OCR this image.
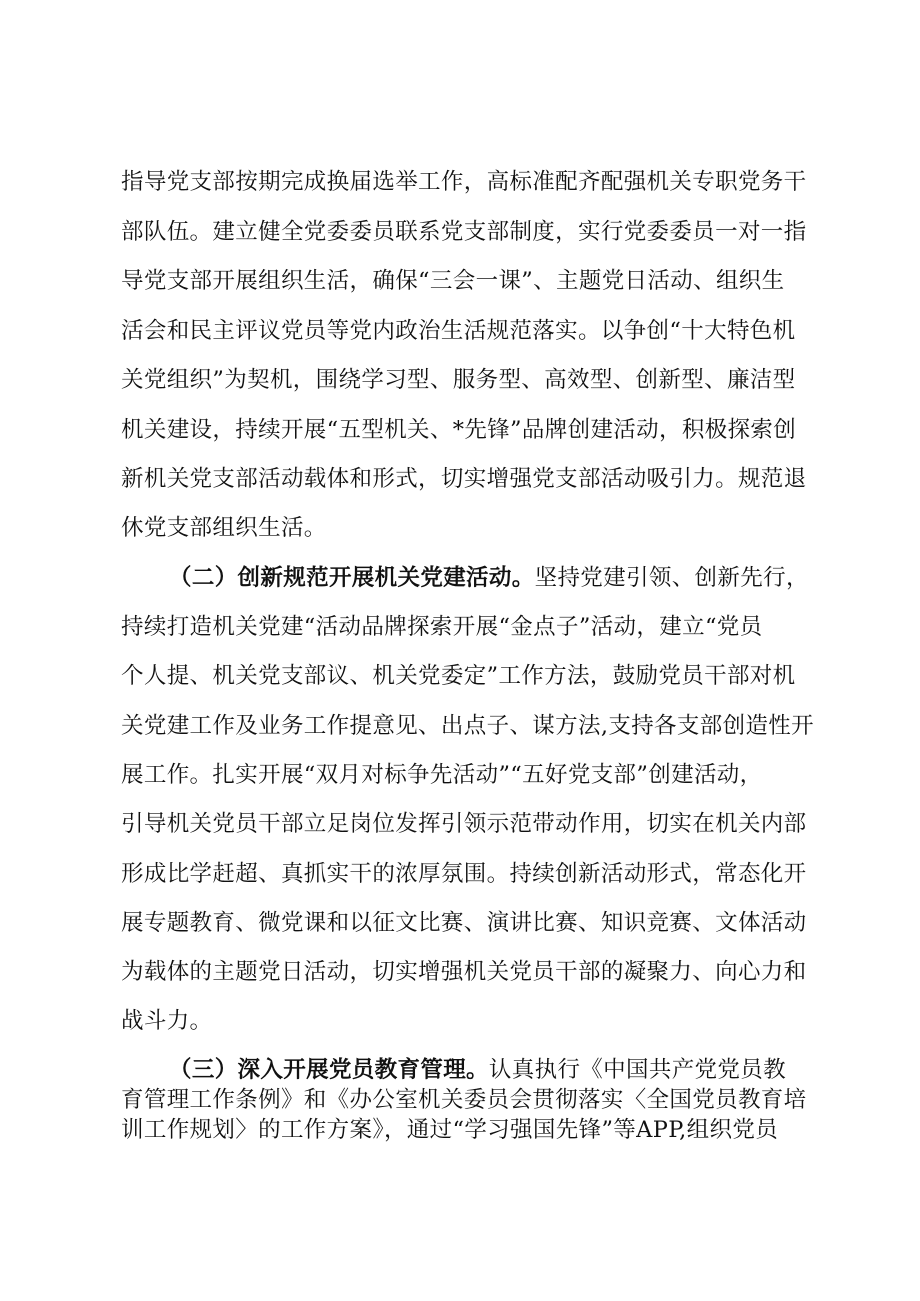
指导党支部按期完成换届选举工作，高标准配齐配强机关专职党务干
部队伍。建立健全党委委员联系党支部制度，实行党委委员一对一指
导党支部开展组织生活，确保“三会一课”、主题党日活动、组织生
活会和民主评议党员等党内政治生活规范落实。以争创“十大特色机
关党组织”为契机，围绕学习型、服务型、高效型、创新型、廉洁型
机关建设，持续开展“五型机关、*先锋”品牌创建活动，积极探索创
新机关党支部活动载体和形式，切实增强党支部活动吸引力。规范退
休党支部组织生活。
（二）创新规范开展机关党建活动。坚持党建引领、创新先行，
持续打造机关党建“活动品牌探索开展“金点子”活动，建立“党员
个人提、机关党支部议、机关党委定”工作方法，鼓励党员干部对机
关党建工作及业务工作提意见、出点子、谋方法,支持各支部创造性开
展工作。扎实开展“双月对标争先活动”“五好党支部”创建活动，
引导机关党员干部立足岗位发挥引领示范带动作用，切实在机关内部
形成比学赶超、真抓实干的浓厚氛围。持续创新活动形式，常态化开
展专题教育、微党课和以征文比赛、演讲比赛、知识竞赛、文体活动
为载体的主题党日活动，切实增强机关党员干部的凝聚力、向心力和
战斗力。
（三）深入开展党员教育管理。认真执行《中国共产党党员教
育管理工作条例》和《办公室机关委员会贯彻落实〈全国党员教育培
训工作规划〉的工作方案》，通过“学习强国先锋”等APP,组织党员
